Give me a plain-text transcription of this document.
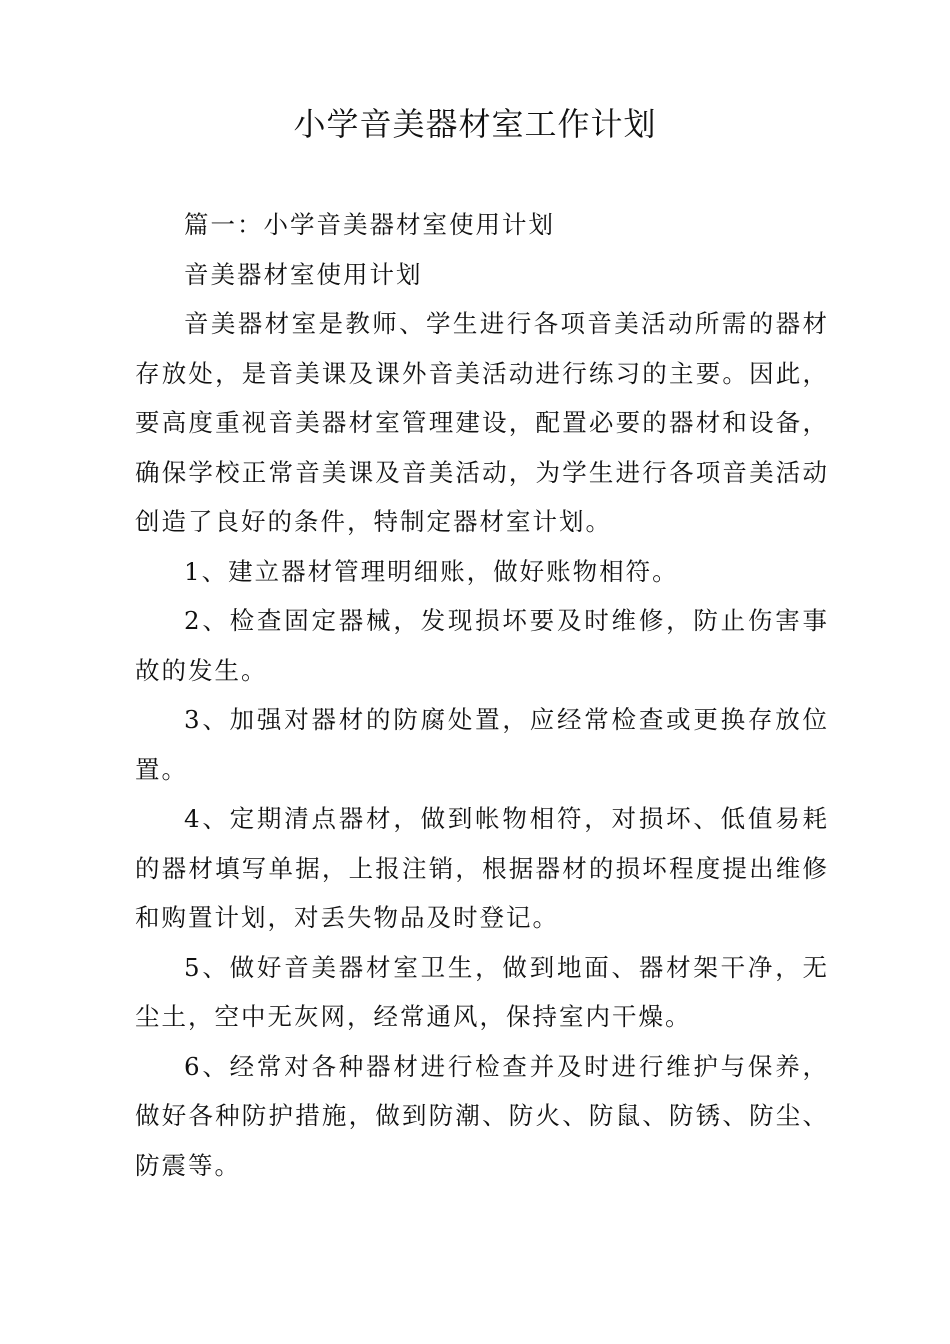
小学音美器材室工作计划

篇一：小学音美器材室使用计划

音美器材室使用计划

音美器材室是教师、学生进行各项音美活动所需的器材存放处，是音美课及课外音美活动进行练习的主要。因此，要高度重视音美器材室管理建设，配置必要的器材和设备，确保学校正常音美课及音美活动，为学生进行各项音美活动创造了良好的条件，特制定器材室计划。

1、建立器材管理明细账，做好账物相符。

2、检查固定器械，发现损坏要及时维修，防止伤害事故的发生。

3、加强对器材的防腐处置，应经常检查或更换存放位置。

4、定期清点器材，做到帐物相符，对损坏、低值易耗的器材填写单据，上报注销，根据器材的损坏程度提出维修和购置计划，对丢失物品及时登记。

5、做好音美器材室卫生，做到地面、器材架干净，无尘土，空中无灰网，经常通风，保持室内干燥。

6、经常对各种器材进行检查并及时进行维护与保养，做好各种防护措施，做到防潮、防火、防鼠、防锈、防尘、防震等。
